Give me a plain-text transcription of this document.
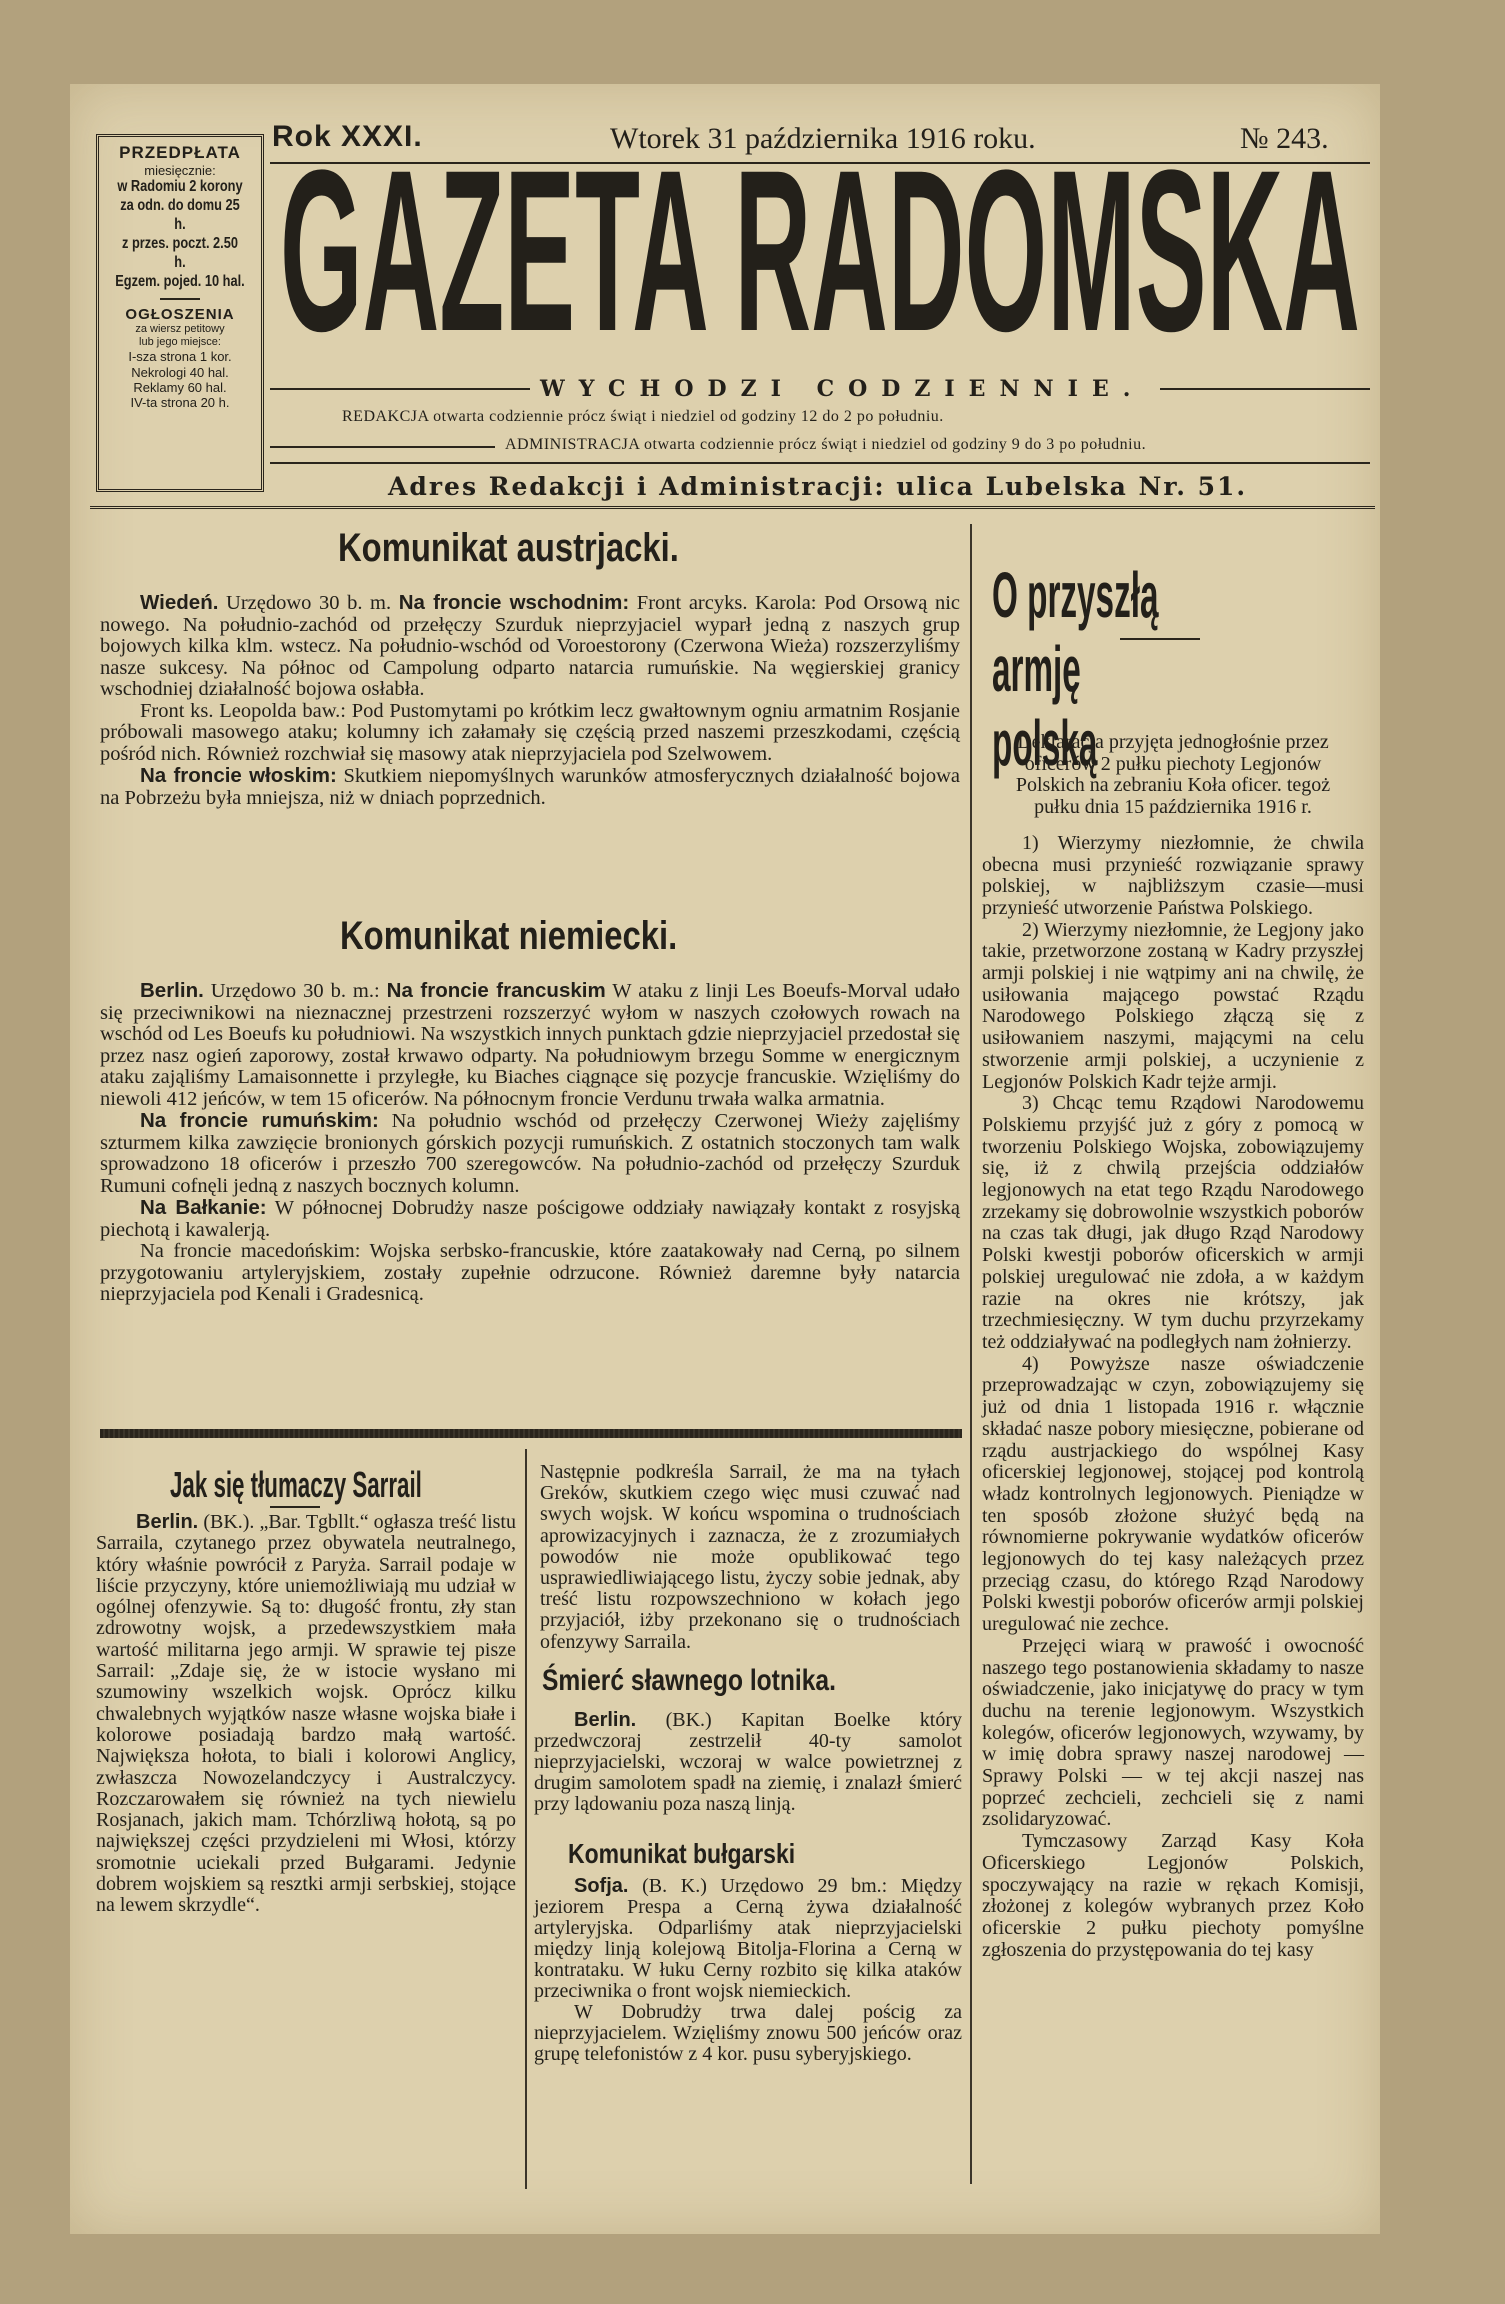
PRZEDPŁATA
miesięcznie:
w Radomiu 2 korony
za odn. do domu 25 h.
z przes. poczt. 2.50 h.
Egzem. pojed. 10 hal.
OGŁOSZENIA
za wiersz petitowy
lub jego miejsce:
I-sza strona 1 kor.
Nekrologi 40 hal.
Reklamy 60 hal.
IV-ta strona 20 h.
Rok XXXI.	Wtorek 31 października 1916 roku.	№ 243.
GAZETA RADOMSKA
WYCHODZI CODZIENNIE.
REDAKCJA otwarta codziennie prócz świąt i niedziel od godziny 12 do 2 po południu.
ADMINISTRACJA otwarta codziennie prócz świąt i niedziel od godziny 9 do 3 po południu.
Adres Redakcji i Administracji: ulica Lubelska Nr. 51.
Komunikat austrjacki.

Wiedeń. Urzędowo 30 b. m. Na froncie wschodnim: Front arcyks. Karola: Pod Orsową nic nowego. Na południo-zachód od przełęczy Szurduk nieprzyjaciel wyparł jedną z naszych grup bojowych kilka klm. wstecz. Na południo-wschód od Voroestorony (Czerwona Wieża) rozszerzyliśmy nasze sukcesy. Na północ od Campolung odparto natarcia rumuńskie. Na węgierskiej granicy wschodniej działalność bojowa osłabła.

Front ks. Leopolda baw.: Pod Pustomytami po krótkim lecz gwałtownym ogniu armatnim Rosjanie próbowali masowego ataku; kolumny ich załamały się częścią przed naszemi przeszkodami, częścią pośród nich. Również rozchwiał się masowy atak nieprzyjaciela pod Szelwowem.

Na froncie włoskim: Skutkiem niepomyślnych warunków atmosferycznych działalność bojowa na Pobrzeżu była mniejsza, niż w dniach poprzednich.

Komunikat niemiecki.

Berlin. Urzędowo 30 b. m.: Na froncie francuskim W ataku z linji Les Boeufs-Morval udało się przeciwnikowi na nieznacznej przestrzeni rozszerzyć wyłom w naszych czołowych rowach na wschód od Les Boeufs ku południowi. Na wszystkich innych punktach gdzie nieprzyjaciel przedostał się przez nasz ogień zaporowy, został krwawo odparty. Na południowym brzegu Somme w energicznym ataku zająliśmy Lamaisonnette i przyległe, ku Biaches ciągnące się pozycje francuskie. Wzięliśmy do niewoli 412 jeńców, w tem 15 oficerów. Na północnym froncie Verdunu trwała walka armatnia.

Na froncie rumuńskim: Na południo wschód od przełęczy Czerwonej Wieży zajęliśmy szturmem kilka zawzięcie bronionych górskich pozycji rumuńskich. Z ostatnich stoczonych tam walk sprowadzono 18 oficerów i przeszło 700 szeregowców. Na południo-zachód od przełęczy Szurduk Rumuni cofnęli jedną z naszych bocznych kolumn.

Na Bałkanie: W północnej Dobrudży nasze pościgowe oddziały nawiązały kontakt z rosyjską piechotą i kawalerją.

Na froncie macedońskim: Wojska serbsko-francuskie, które zaatakowały nad Cerną, po silnem przygotowaniu artyleryjskiem, zostały zupełnie odrzucone. Również daremne były natarcia nieprzyjaciela pod Kenali i Gradesnicą.

Jak się tłumaczy Sarrail

Berlin. (BK.). „Bar. Tgbllt.“ ogłasza treść listu Sarraila, czytanego przez obywatela neutralnego, który właśnie powrócił z Paryża. Sarrail podaje w liście przyczyny, które uniemożliwiają mu udział w ogólnej ofenzywie. Są to: długość frontu, zły stan zdrowotny wojsk, a przedewszystkiem mała wartość militarna jego armji. W sprawie tej pisze Sarrail: „Zdaje się, że w istocie wysłano mi szumowiny wszelkich wojsk. Oprócz kilku chwalebnych wyjątków nasze własne wojska białe i kolorowe posiadają bardzo małą wartość. Największa hołota, to biali i kolorowi Anglicy, zwłaszcza Nowozelandczycy i Australczycy. Rozczarowałem się również na tych niewielu Rosjanach, jakich mam. Tchórzliwą hołotą, są po największej części przydzieleni mi Włosi, którzy sromotnie uciekali przed Bułgarami. Jedynie dobrem wojskiem są resztki armji serbskiej, stojące na lewem skrzydle“.

Następnie podkreśla Sarrail, że ma na tyłach Greków, skutkiem czego więc musi czuwać nad swych wojsk. W końcu wspomina o trudnościach aprowizacyjnych i zaznacza, że z zrozumiałych powodów nie może opublikować tego usprawiedliwiającego listu, życzy sobie jednak, aby treść listu rozpowszechniono w kołach jego przyjaciół, iżby przekonano się o trudnościach ofenzywy Sarraila.

Śmierć sławnego lotnika.

Berlin. (BK.) Kapitan Boelke który przedwczoraj zestrzelił 40-ty samolot nieprzyjacielski, wczoraj w walce powietrznej z drugim samolotem spadł na ziemię, i znalazł śmierć przy lądowaniu poza naszą linją.

Komunikat bułgarski

Sofja. (B. K.) Urzędowo 29 bm.: Między jeziorem Prespa a Cerną żywa działalność artyleryjska. Odparliśmy atak nieprzyjacielski między linją kolejową Bitolja-Florina a Cerną w kontrataku. W łuku Cerny rozbito się kilka ataków przeciwnika o front wojsk niemieckich.

W Dobrudży trwa dalej pościg za nieprzyjacielem. Wzięliśmy znowu 500 jeńców oraz grupę telefonistów z 4 kor. pusu syberyjskiego.

O przyszłą armję polską

Deklaracja przyjęta jednogłośnie przez oficerów 2 pułku piechoty Legjonów Polskich na zebraniu Koła oficer. tegoż pułku dnia 15 października 1916 r.

1) Wierzymy niezłomnie, że chwila obecna musi przynieść rozwiązanie sprawy polskiej, w najbliższym czasie—musi przynieść utworzenie Państwa Polskiego.

2) Wierzymy niezłomnie, że Legjony jako takie, przetworzone zostaną w Kadry przyszłej armji polskiej i nie wątpimy ani na chwilę, że usiłowania mającego powstać Rządu Narodowego Polskiego złączą się z usiłowaniem naszymi, mającymi na celu stworzenie armji polskiej, a uczynienie z Legjonów Polskich Kadr tejże armji.

3) Chcąc temu Rządowi Narodowemu Polskiemu przyjść już z góry z pomocą w tworzeniu Polskiego Wojska, zobowiązujemy się, iż z chwilą przejścia oddziałów legjonowych na etat tego Rządu Narodowego zrzekamy się dobrowolnie wszystkich poborów na czas tak długi, jak długo Rząd Narodowy Polski kwestji poborów oficerskich w armji polskiej uregulować nie zdoła, a w każdym razie na okres nie krótszy, jak trzechmiesięczny. W tym duchu przyrzekamy też oddziaływać na podległych nam żołnierzy.

4) Powyższe nasze oświadczenie przeprowadzając w czyn, zobowiązujemy się już od dnia 1 listopada 1916 r. włącznie składać nasze pobory miesięczne, pobierane od rządu austrjackiego do wspólnej Kasy oficerskiej legjonowej, stojącej pod kontrolą władz kontrolnych legjonowych. Pieniądze w ten sposób złożone służyć będą na równomierne pokrywanie wydatków oficerów legjonowych do tej kasy należących przez przeciąg czasu, do którego Rząd Narodowy Polski kwestji poborów oficerów armji polskiej uregulować nie zechce.

Przejęci wiarą w prawość i owocność naszego tego postanowienia składamy to nasze oświadczenie, jako inicjatywę do pracy w tym duchu na terenie legjonowym. Wszystkich kolegów, oficerów legjonowych, wzywamy, by w imię dobra sprawy naszej narodowej — Sprawy Polski — w tej akcji naszej nas poprzeć zechcieli, zechcieli się z nami zsolidaryzować.

Tymczasowy Zarząd Kasy Koła Oficerskiego Legjonów Polskich, spoczywający na razie w rękach Komisji, złożonej z kolegów wybranych przez Koło oficerskie 2 pułku piechoty pomyślne zgłoszenia do przystępowania do tej kasy
